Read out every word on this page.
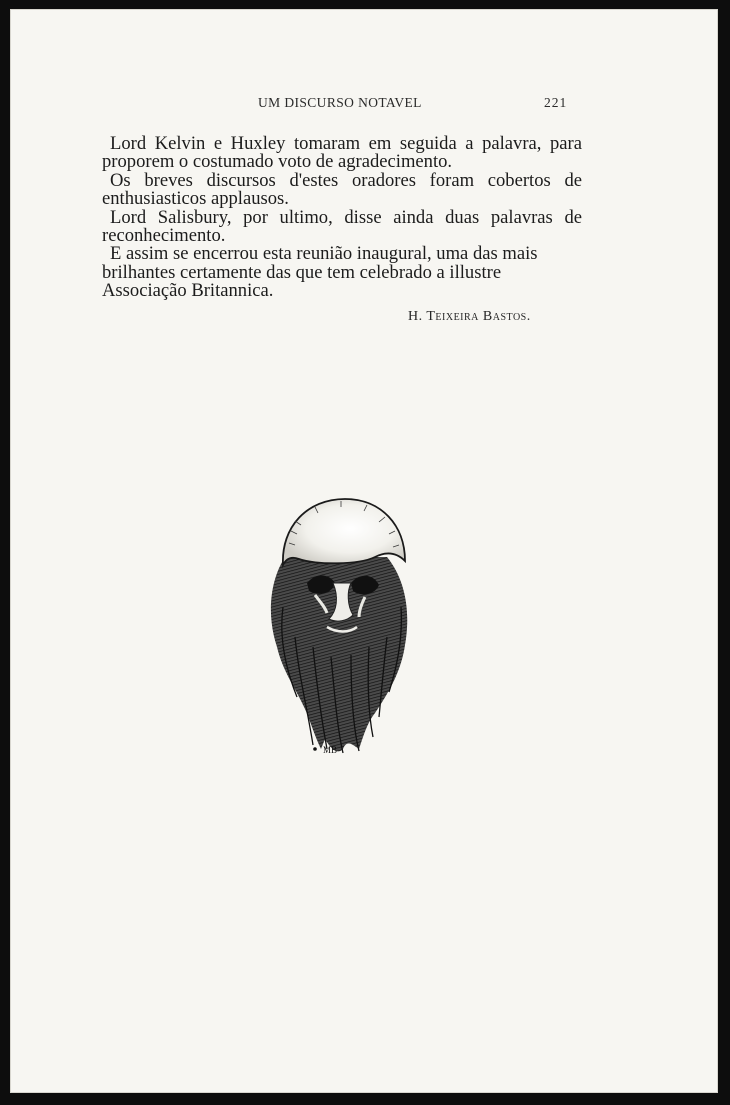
UM DISCURSO NOTAVEL	221

Lord Kelvin e Huxley tomaram em seguida a palavra, para proporem o costumado voto de agradecimento.

Os breves discursos d'estes oradores foram cobertos de enthusiasticos applausos.

Lord Salisbury, por ultimo, disse ainda duas palavras de reconhecimento.

E assim se encerrou esta reunião inaugural, uma das mais brilhantes certamente das que tem celebrado a illustre Associação Britannica.

H. Teixeira Bastos.
MB
